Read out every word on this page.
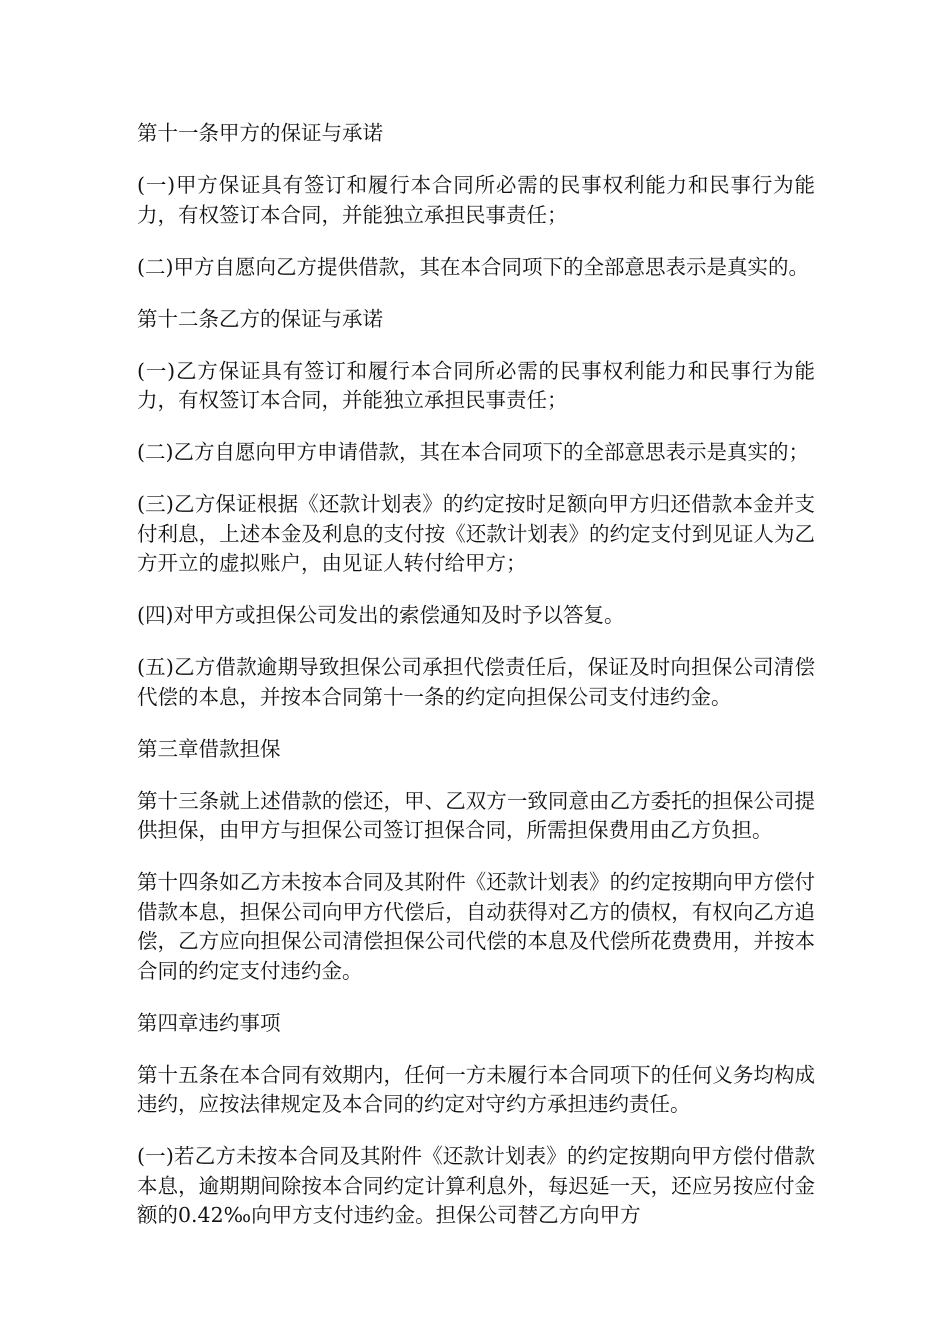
第十一条甲方的保证与承诺

(一)甲方保证具有签订和履行本合同所必需的民事权利能力和民事行为能力，有权签订本合同，并能独立承担民事责任；

(二)甲方自愿向乙方提供借款，其在本合同项下的全部意思表示是真实的。

第十二条乙方的保证与承诺

(一)乙方保证具有签订和履行本合同所必需的民事权利能力和民事行为能力，有权签订本合同，并能独立承担民事责任；

(二)乙方自愿向甲方申请借款，其在本合同项下的全部意思表示是真实的；

(三)乙方保证根据《还款计划表》的约定按时足额向甲方归还借款本金并支付利息，上述本金及利息的支付按《还款计划表》的约定支付到见证人为乙方开立的虚拟账户，由见证人转付给甲方；

(四)对甲方或担保公司发出的索偿通知及时予以答复。

(五)乙方借款逾期导致担保公司承担代偿责任后，保证及时向担保公司清偿代偿的本息，并按本合同第十一条的约定向担保公司支付违约金。

第三章借款担保

第十三条就上述借款的偿还，甲、乙双方一致同意由乙方委托的担保公司提供担保，由甲方与担保公司签订担保合同，所需担保费用由乙方负担。

第十四条如乙方未按本合同及其附件《还款计划表》的约定按期向甲方偿付借款本息，担保公司向甲方代偿后，自动获得对乙方的债权，有权向乙方追偿，乙方应向担保公司清偿担保公司代偿的本息及代偿所花费费用，并按本合同的约定支付违约金。

第四章违约事项

第十五条在本合同有效期内，任何一方未履行本合同项下的任何义务均构成违约，应按法律规定及本合同的约定对守约方承担违约责任。

(一)若乙方未按本合同及其附件《还款计划表》的约定按期向甲方偿付借款本息，逾期期间除按本合同约定计算利息外，每迟延一天，还应另按应付金额的0.42‰向甲方支付违约金。担保公司替乙方向甲方
